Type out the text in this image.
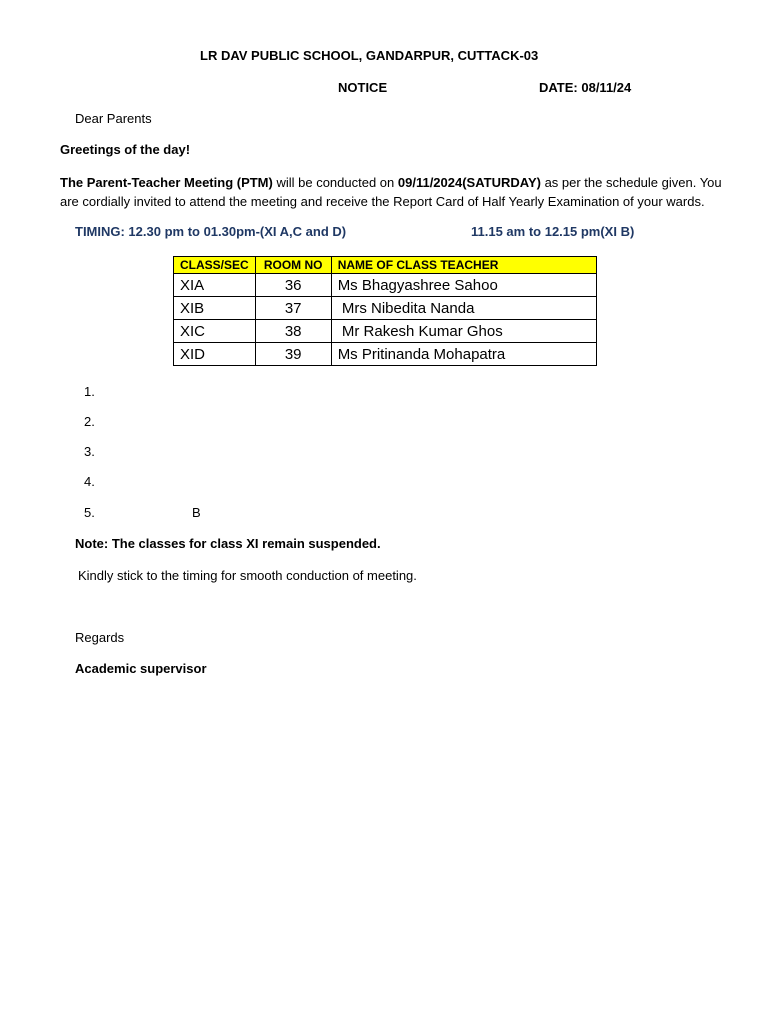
LR DAV PUBLIC SCHOOL, GANDARPUR, CUTTACK-03
NOTICE	DATE: 08/11/24
Dear Parents
Greetings of the day!
The Parent-Teacher Meeting (PTM) will be conducted on 09/11/2024(SATURDAY) as per the schedule given. You are cordially invited to attend the meeting and receive the Report Card of Half Yearly Examination of your wards.
TIMING: 12.30 pm to 01.30pm-(XI A,C and D)	11.15 am to 12.15 pm(XI B)
CLASS/SEC	ROOM NO	NAME OF CLASS TEACHER
XIA	36	Ms Bhagyashree Sahoo
XIB	37	Mrs Nibedita Nanda
XIC	38	Mr Rakesh Kumar Ghos
XID	39	Ms Pritinanda Mohapatra
1.
2.
3.
4.
5.	B
Note: The classes for class XI remain suspended.
Kindly stick to the timing for smooth conduction of meeting.
Regards
Academic supervisor
